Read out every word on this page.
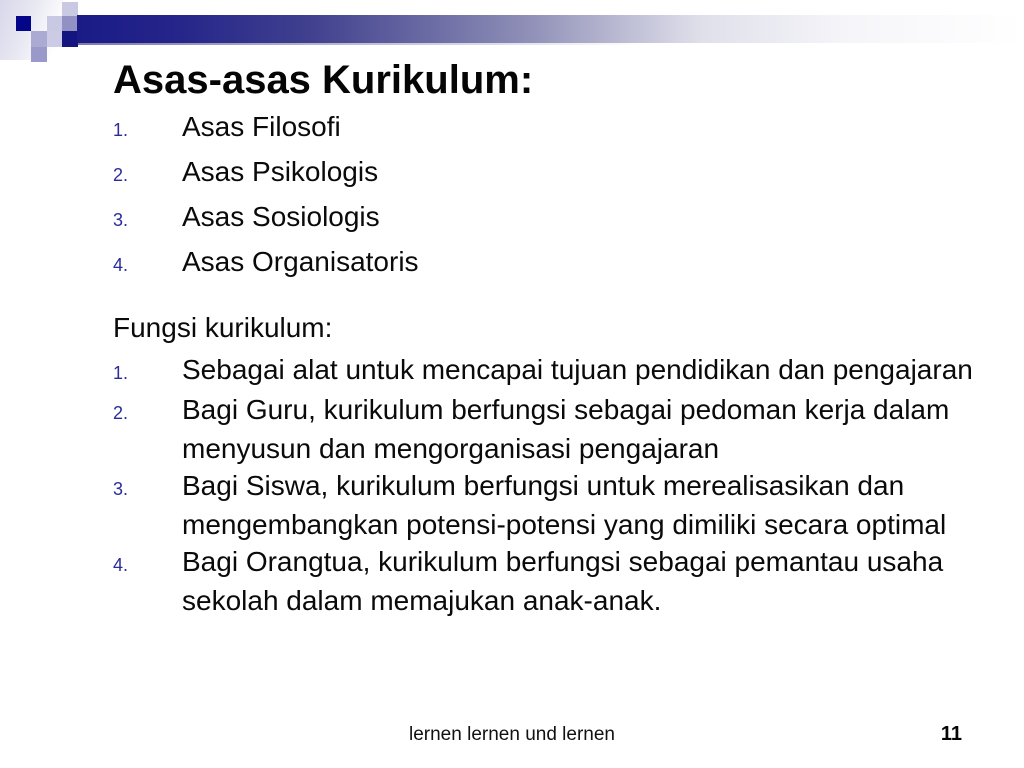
Asas-asas Kurikulum:
1. Asas Filosofi
2. Asas Psikologis
3. Asas Sosiologis
4. Asas Organisatoris
Fungsi kurikulum:
1. Sebagai alat untuk mencapai tujuan pendidikan dan pengajaran
2. Bagi Guru, kurikulum berfungsi sebagai pedoman kerja dalam menyusun dan mengorganisasi pengajaran
3. Bagi Siswa, kurikulum berfungsi untuk merealisasikan dan mengembangkan potensi-potensi yang dimiliki secara optimal
4. Bagi Orangtua, kurikulum berfungsi sebagai pemantau usaha sekolah dalam memajukan anak-anak.
lernen lernen und lernen	11
